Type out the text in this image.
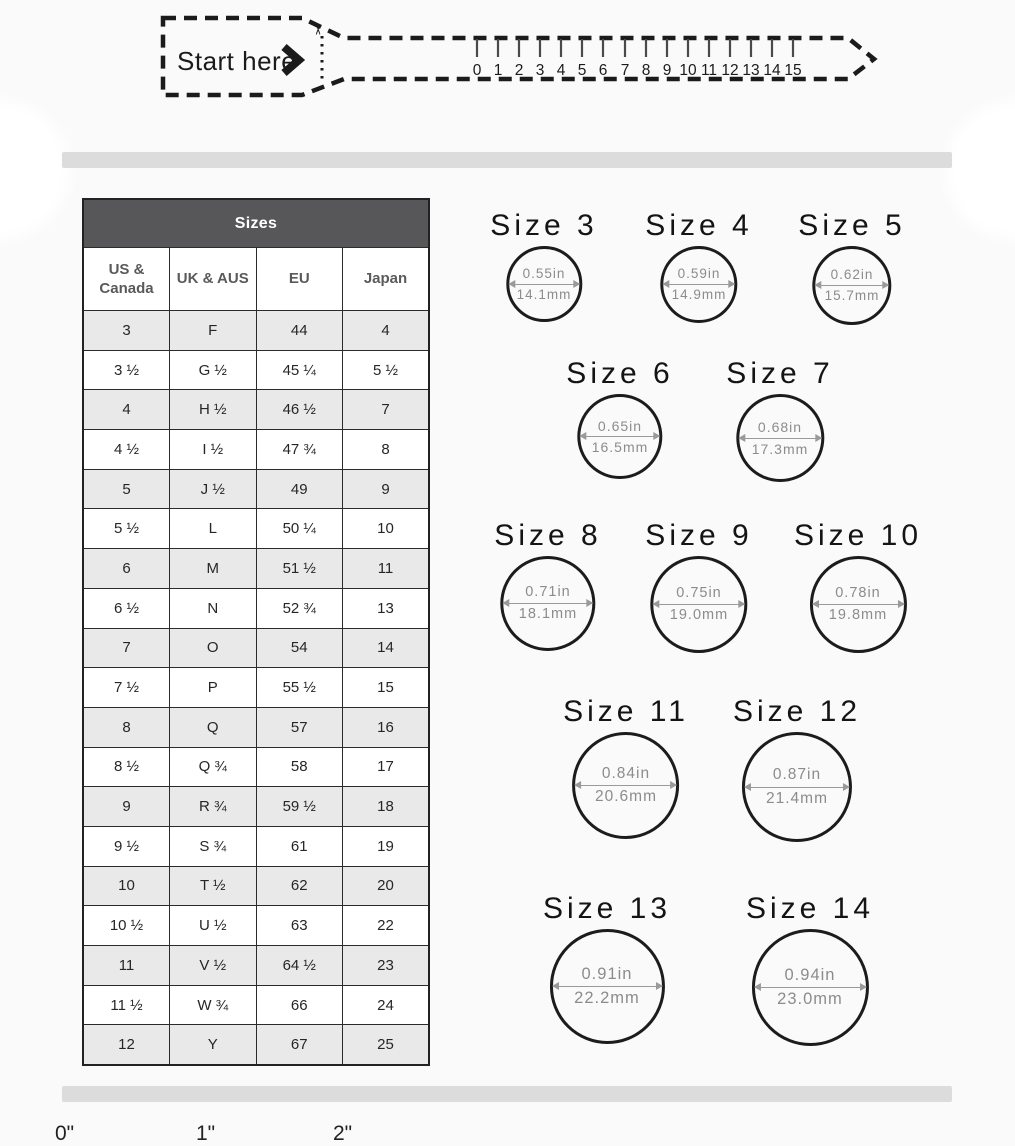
✂
Start here	0 1 2 3 4 5 6 7 8 9 10 11 12 13 14 15
Sizes			
US & Canada	UK & AUS	EU	Japan
3	F	44	4
3 ½	G ½	45 ¼	5 ½
4	H ½	46 ½	7
4 ½	I ½	47 ¾	8
5	J ½	49	9
5 ½	L	50 ¼	10
6	M	51 ½	11
6 ½	N	52 ¾	13
7	O	54	14
7 ½	P	55 ½	15
8	Q	57	16
8 ½	Q ¾	58	17
9	R ¾	59 ½	18
9 ½	S ¾	61	19
10	T ½	62	20
10 ½	U ½	63	22
11	V ½	64 ½	23
11 ½	W ¾	66	24
12	Y	67	25
Size 3
0.55in
14.1mm
Size 4
0.59in
14.9mm
Size 5
0.62in
15.7mm
Size 6
0.65in
16.5mm
Size 7
0.68in
17.3mm
Size 8
0.71in
18.1mm
Size 9
0.75in
19.0mm
Size 10
0.78in
19.8mm
Size 11
0.84in
20.6mm
Size 12
0.87in
21.4mm
Size 13
0.91in
22.2mm
Size 14
0.94in
23.0mm
0"	1"	2"
